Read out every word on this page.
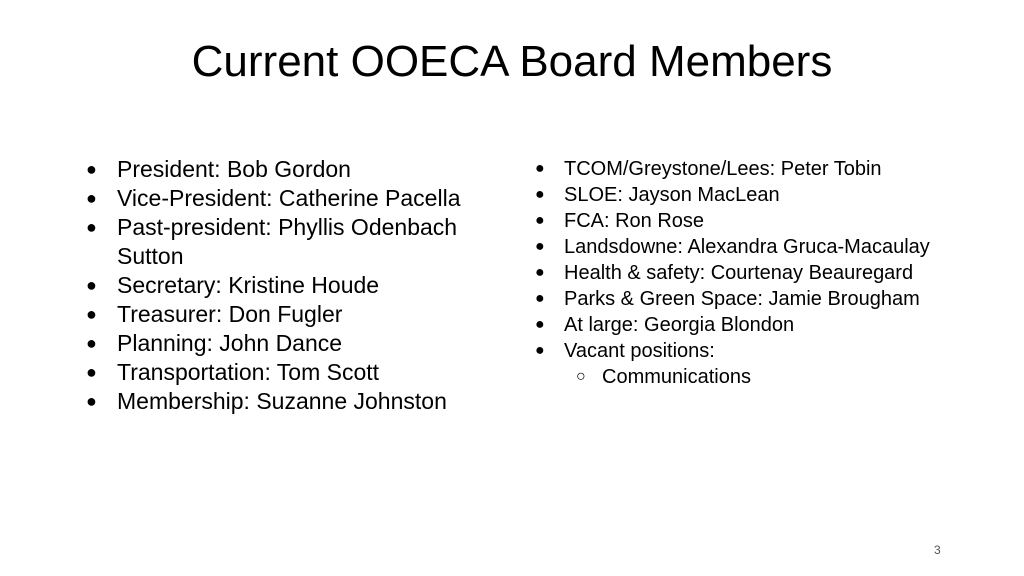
Current OOECA Board Members
● President: Bob Gordon
● Vice-President: Catherine Pacella
● Past-president: Phyllis Odenbach Sutton
● Secretary: Kristine Houde
● Treasurer: Don Fugler
● Planning: John Dance
● Transportation: Tom Scott
● Membership: Suzanne Johnston
● TCOM/Greystone/Lees: Peter Tobin
● SLOE: Jayson MacLean
● FCA: Ron Rose
● Landsdowne: Alexandra Gruca-Macaulay
● Health & safety: Courtenay Beauregard
● Parks & Green Space: Jamie Brougham
● At large: Georgia Blondon
● Vacant positions:
○ Communications
3
